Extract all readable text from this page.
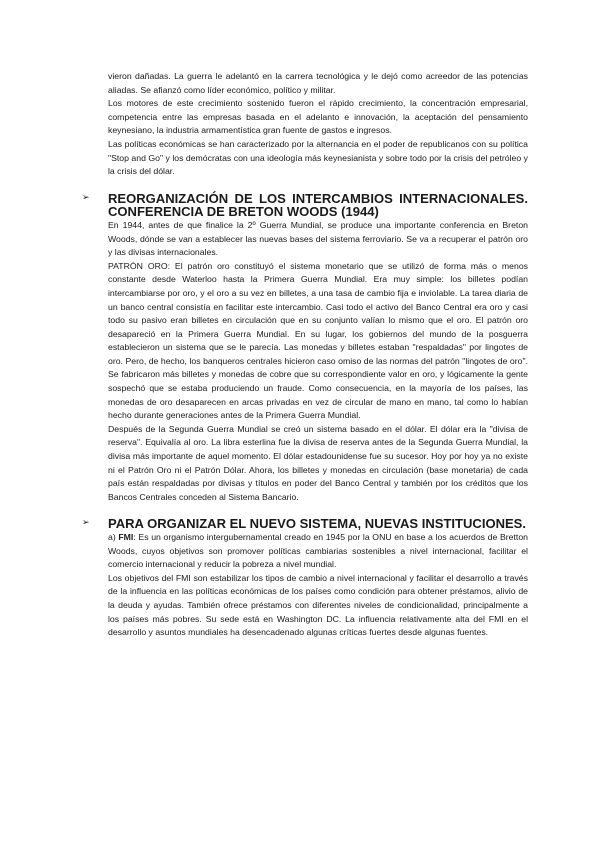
vieron dañadas. La guerra le adelantó en la carrera tecnológica y le dejó como acreedor de las potencias aliadas. Se afianzó como líder económico, político y militar.

Los motores de este crecimiento sostenido fueron el rápido crecimiento, la concentración empresarial, competencia entre las empresas basada en el adelanto e innovación, la aceptación del pensamiento keynesiano, la industria armamentística gran fuente de gastos e ingresos.

Las políticas económicas se han caracterizado por la alternancia en el poder de republicanos con su política "Stop and Go" y los demócratas con una ideología más keynesianista y sobre todo por la crisis del petróleo y la crisis del dólar.

➢ REORGANIZACIÓN DE LOS INTERCAMBIOS INTERNACIONALES. CONFERENCIA DE BRETON WOODS (1944)

En 1944, antes de que finalice la 2º Guerra Mundial, se produce una importante conferencia en Breton Woods, dónde se van a establecer las nuevas bases del sistema ferroviario. Se va a recuperar el patrón oro y las divisas internacionales.

PATRÓN ORO: El patrón oro constituyó el sistema monetario que se utilizó de forma más o menos constante desde Waterloo hasta la Primera Guerra Mundial. Era muy simple: los billetes podían intercambiarse por oro, y el oro a su vez en billetes, a una tasa de cambio fija e inviolable. La tarea diaria de un banco central consistía en facilitar este intercambio. Casi todo el activo del Banco Central era oro y casi todo su pasivo eran billetes en circulación que en su conjunto valían lo mismo que el oro. El patrón oro desapareció en la Primera Guerra Mundial. En su lugar, los gobiernos del mundo de la posguerra establecieron un sistema que se le parecía. Las monedas y billetes estaban "respaldadas" por lingotes de oro. Pero, de hecho, los banqueros centrales hicieron caso omiso de las normas del patrón "lingotes de oro". Se fabricaron más billetes y monedas de cobre que su correspondiente valor en oro, y lógicamente la gente sospechó que se estaba produciendo un fraude. Como consecuencia, en la mayoría de los países, las monedas de oro desaparecen en arcas privadas en vez de circular de mano en mano, tal como lo habían hecho durante generaciones antes de la Primera Guerra Mundial.

Después de la Segunda Guerra Mundial se creó un sistema basado en el dólar. El dólar era la "divisa de reserva". Equivalía al oro. La libra esterlina fue la divisa de reserva antes de la Segunda Guerra Mundial, la divisa más importante de aquel momento. El dólar estadounidense fue su sucesor. Hoy por hoy ya no existe ni el Patrón Oro ni el Patrón Dólar. Ahora, los billetes y monedas en circulación (base monetaria) de cada país están respaldadas por divisas y títulos en poder del Banco Central y también por los créditos que los Bancos Centrales conceden al Sistema Bancario.

➢ PARA ORGANIZAR EL NUEVO SISTEMA, NUEVAS INSTITUCIONES.

a) FMI: Es un organismo intergubernamental creado en 1945 por la ONU en base a los acuerdos de Bretton Woods, cuyos objetivos son promover políticas cambiarias sostenibles a nivel internacional, facilitar el comercio internacional y reducir la pobreza a nivel mundial.

Los objetivos del FMI son estabilizar los tipos de cambio a nivel internacional y facilitar el desarrollo a través de la influencia en las políticas económicas de los países como condición para obtener préstamos, alivio de la deuda y ayudas. También ofrece préstamos con diferentes niveles de condicionalidad, principalmente a los países más pobres. Su sede está en Washington DC. La influencia relativamente alta del FMI en el desarrollo y asuntos mundiales ha desencadenado algunas críticas fuertes desde algunas fuentes.
